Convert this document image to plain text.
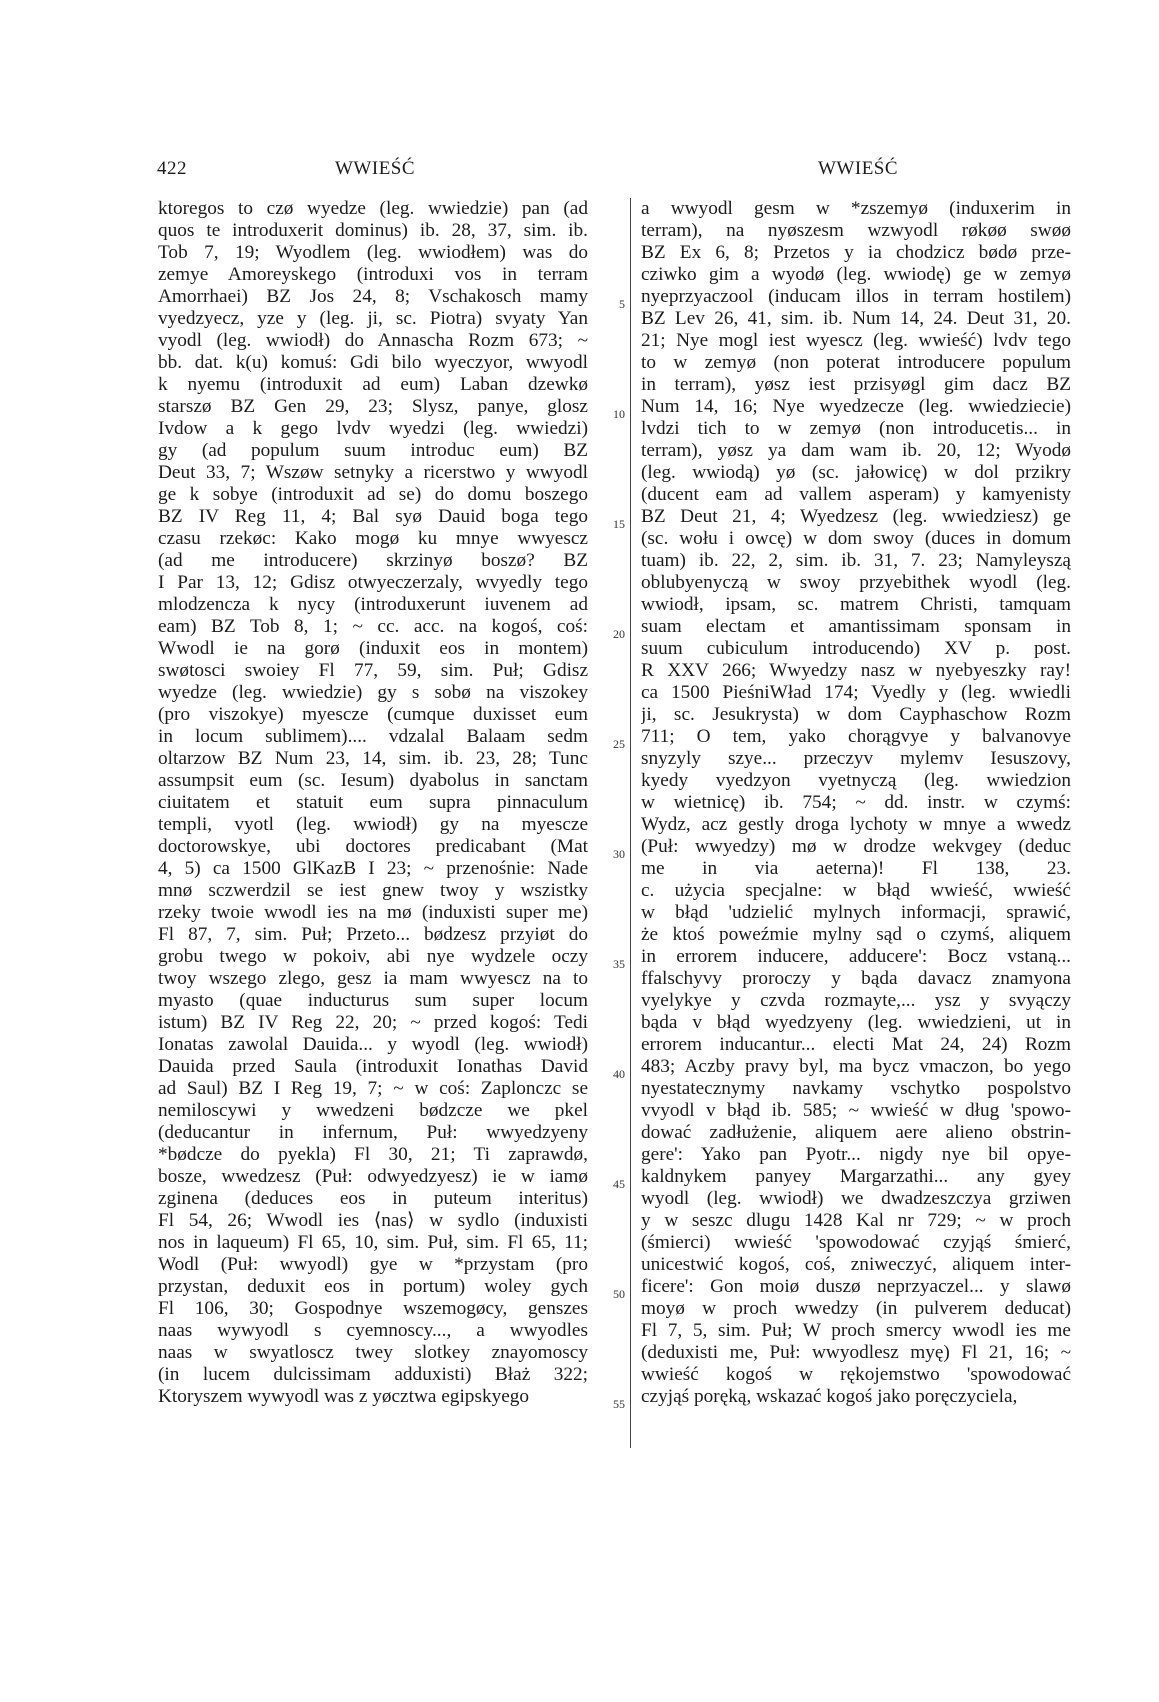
422	WWIEŚĆ	WWIEŚĆ
ktoregos to czø wyedze (leg. wwiedzie) pan (ad
quos te introduxerit dominus) ib. 28, 37, sim. ib.
Tob 7, 19; Wyodlem (leg. wwiodłem) was do
zemye Amoreyskego (introduxi vos in terram
Amorrhaei) BZ Jos 24, 8; Vschakosch mamy
vyedzyecz, yze y (leg. ji, sc. Piotra) svyaty Yan
vyodl (leg. wwiodł) do Annascha Rozm 673; ~
bb. dat. k(u) komuś: Gdi bilo wyeczyor, wwyodl
k nyemu (introduxit ad eum) Laban dzewkø
starszø BZ Gen 29, 23; Slysz, panye, glosz
Ivdow a k gego lvdv wyedzi (leg. wwiedzi)
gy (ad populum suum introduc eum) BZ
Deut 33, 7; Wszøw setnyky a ricerstwo y wwyodl
ge k sobye (introduxit ad se) do domu boszego
BZ IV Reg 11, 4; Bal syø Dauid boga tego
czasu rzekøc: Kako mogø ku mnye wwyescz
(ad me introducere) skrzinyø boszø? BZ
I Par 13, 12; Gdisz otwyeczerzaly, wvyedly tego
mlodzencza k nycy (introduxerunt iuvenem ad
eam) BZ Tob 8, 1; ~ cc. acc. na kogoś, coś:
Wwodl ie na gorø (induxit eos in montem)
swøtosci swoiey Fl 77, 59, sim. Puł; Gdisz
wyedze (leg. wwiedzie) gy s sobø na viszokey
(pro viszokye) myescze (cumque duxisset eum
in locum sublimem).... vdzalal Balaam sedm
oltarzow BZ Num 23, 14, sim. ib. 23, 28; Tunc
assumpsit eum (sc. Iesum) dyabolus in sanctam
ciuitatem et statuit eum supra pinnaculum
templi, vyotl (leg. wwiodł) gy na myescze
doctorowskye, ubi doctores predicabant (Mat
4, 5) ca 1500 GlKazB I 23; ~ przenośnie: Nade
mnø sczwerdzil se iest gnew twoy y wszistky
rzeky twoie wwodl ies na mø (induxisti super me)
Fl 87, 7, sim. Puł; Przeto... bødzesz przyiøt do
grobu twego w pokoiv, abi nye wydzele oczy
twoy wszego zlego, gesz ia mam wwyescz na to
myasto (quae inducturus sum super locum
istum) BZ IV Reg 22, 20; ~ przed kogoś: Tedi
Ionatas zawolal Dauida... y wyodl (leg. wwiodł)
Dauida przed Saula (introduxit Ionathas David
ad Saul) BZ I Reg 19, 7; ~ w coś: Zaplonczc se
nemiloscywi y wwedzeni bødzcze we pkel
(deducantur in infernum, Puł: wwyedzyeny
*bødcze do pyekla) Fl 30, 21; Ti zaprawdø,
bosze, wwedzesz (Puł: odwyedzyesz) ie w iamø
zginena (deduces eos in puteum interitus)
Fl 54, 26; Wwodl ies ⟨nas⟩ w sydlo (induxisti
nos in laqueum) Fl 65, 10, sim. Puł, sim. Fl 65, 11;
Wodl (Puł: wwyodl) gye w *przystam (pro
przystan, deduxit eos in portum) woley gych
Fl 106, 30; Gospodnye wszemogøcy, genszes
naas wywyodl s cyemnoscy..., a wwyodles
naas w swyatloscz twey slotkey znayomoscy
(in lucem dulcissimam adduxisti) Błaż 322;
Ktoryszem wywyodl was z yøcztwa egipskyego
5
10
15
20
25
30
35
40
45
50
55
a wwyodl gesm w *zszemyø (induxerim in
terram), na nyøszesm wzwyodl røkøø swøø
BZ Ex 6, 8; Przetos y ia chodzicz bødø prze-
cziwko gim a wyodø (leg. wwiodę) ge w zemyø
nyeprzyaczool (inducam illos in terram hostilem)
BZ Lev 26, 41, sim. ib. Num 14, 24. Deut 31, 20.
21; Nye mogl iest wyescz (leg. wwieść) lvdv tego
to w zemyø (non poterat introducere populum
in terram), yøsz iest przisyøgl gim dacz BZ
Num 14, 16; Nye wyedzecze (leg. wwiedziecie)
lvdzi tich to w zemyø (non introducetis... in
terram), yøsz ya dam wam ib. 20, 12; Wyodø
(leg. wwiodą) yø (sc. jałowicę) w dol przikry
(ducent eam ad vallem asperam) y kamyenisty
BZ Deut 21, 4; Wyedzesz (leg. wwiedziesz) ge
(sc. wołu i owcę) w dom swoy (duces in domum
tuam) ib. 22, 2, sim. ib. 31, 7. 23; Namyleyszą
oblubyenyczą w swoy przyebithek wyodl (leg.
wwiodł, ipsam, sc. matrem Christi, tamquam
suam electam et amantissimam sponsam in
suum cubiculum introducendo) XV p. post.
R XXV 266; Wwyedzy nasz w nyebyeszky ray!
ca 1500 PieśniWład 174; Vyedly y (leg. wwiedli
ji, sc. Jesukrysta) w dom Cayphaschow Rozm
711; O tem, yako chorągvye y balvanovye
snyzyly szye... przeczyv mylemv Iesuszovy,
kyedy vyedzyon vyetnyczą (leg. wwiedzion
w wietnicę) ib. 754; ~ dd. instr. w czymś:
Wydz, acz gestly droga lychoty w mnye a wwedz
(Puł: wwyedzy) mø w drodze wekvgey (deduc
me in via aeterna)! Fl 138, 23.
c. użycia specjalne: w błąd wwieść, wwieść
w błąd 'udzielić mylnych informacji, sprawić,
że ktoś poweźmie mylny sąd o czymś, aliquem
in errorem inducere, adducere': Bocz vstaną...
ffalschyvy proroczy y bąda davacz znamyona
vyelykye y czvda rozmayte,... ysz y svyączy
bąda v błąd wyedzyeny (leg. wwiedzieni, ut in
errorem inducantur... electi Mat 24, 24) Rozm
483; Aczby pravy byl, ma bycz vmaczon, bo yego
nyestatecznymy navkamy vschytko pospolstvo
vvyodl v błąd ib. 585; ~ wwieść w dług 'spowo-
dować zadłużenie, aliquem aere alieno obstrin-
gere': Yako pan Pyotr... nigdy nye bil opye-
kaldnykem panyey Margarzathi... any gyey
wyodl (leg. wwiodł) we dwadzeszczya grziwen
y w seszc dlugu 1428 Kal nr 729; ~ w proch
(śmierci) wwieść 'spowodować czyjąś śmierć,
unicestwić kogoś, coś, zniweczyć, aliquem inter-
ficere': Gon moiø duszø neprzyaczel... y slawø
moyø w proch wwedzy (in pulverem deducat)
Fl 7, 5, sim. Puł; W proch smercy wwodl ies me
(deduxisti me, Puł: wwyodlesz myę) Fl 21, 16; ~
wwieść kogoś w rękojemstwo 'spowodować
czyjąś poręką, wskazać kogoś jako poręczyciela,
